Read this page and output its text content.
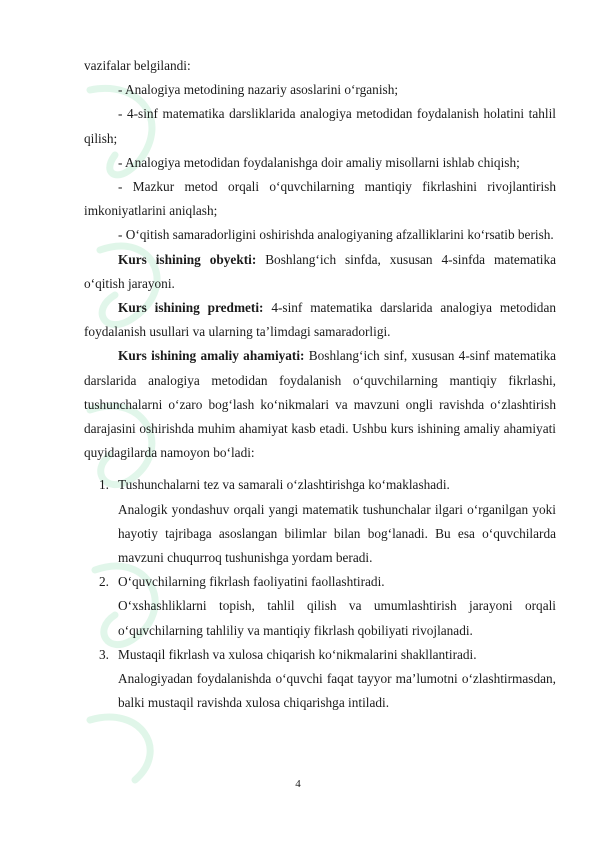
vazifalar belgilandi:

- Analogiya metodining nazariy asoslarini o‘rganish;

- 4-sinf matematika darsliklarida analogiya metodidan foydalanish holatini tahlil qilish;

- Analogiya metodidan foydalanishga doir amaliy misollarni ishlab chiqish;

- Mazkur metod orqali o‘quvchilarning mantiqiy fikrlashini rivojlantirish imkoniyatlarini aniqlash;

- O‘qitish samaradorligini oshirishda analogiyaning afzalliklarini ko‘rsatib berish.

Kurs ishining obyekti: Boshlang‘ich sinfda, xususan 4-sinfda matematika o‘qitish jarayoni.

Kurs ishining predmeti: 4-sinf matematika darslarida analogiya metodidan foydalanish usullari va ularning ta’limdagi samaradorligi.

Kurs ishining amaliy ahamiyati: Boshlang‘ich sinf, xususan 4-sinf matematika darslarida analogiya metodidan foydalanish o‘quvchilarning mantiqiy fikrlashi, tushunchalarni o‘zaro bog‘lash ko‘nikmalari va mavzuni ongli ravishda o‘zlashtirish darajasini oshirishda muhim ahamiyat kasb etadi. Ushbu kurs ishining amaliy ahamiyati quyidagilarda namoyon bo‘ladi:

1. Tushunchalarni tez va samarali o‘zlashtirishga ko‘maklashadi.

Analogik yondashuv orqali yangi matematik tushunchalar ilgari o‘rganilgan yoki hayotiy tajribaga asoslangan bilimlar bilan bog‘lanadi. Bu esa o‘quvchilarda mavzuni chuqurroq tushunishga yordam beradi.

2. O‘quvchilarning fikrlash faoliyatini faollashtiradi.

O‘xshashliklarni topish, tahlil qilish va umumlashtirish jarayoni orqali o‘quvchilarning tahliliy va mantiqiy fikrlash qobiliyati rivojlanadi.

3. Mustaqil fikrlash va xulosa chiqarish ko‘nikmalarini shakllantiradi.

Analogiyadan foydalanishda o‘quvchi faqat tayyor ma’lumotni o‘zlashtirmasdan, balki mustaqil ravishda xulosa chiqarishga intiladi.

4
